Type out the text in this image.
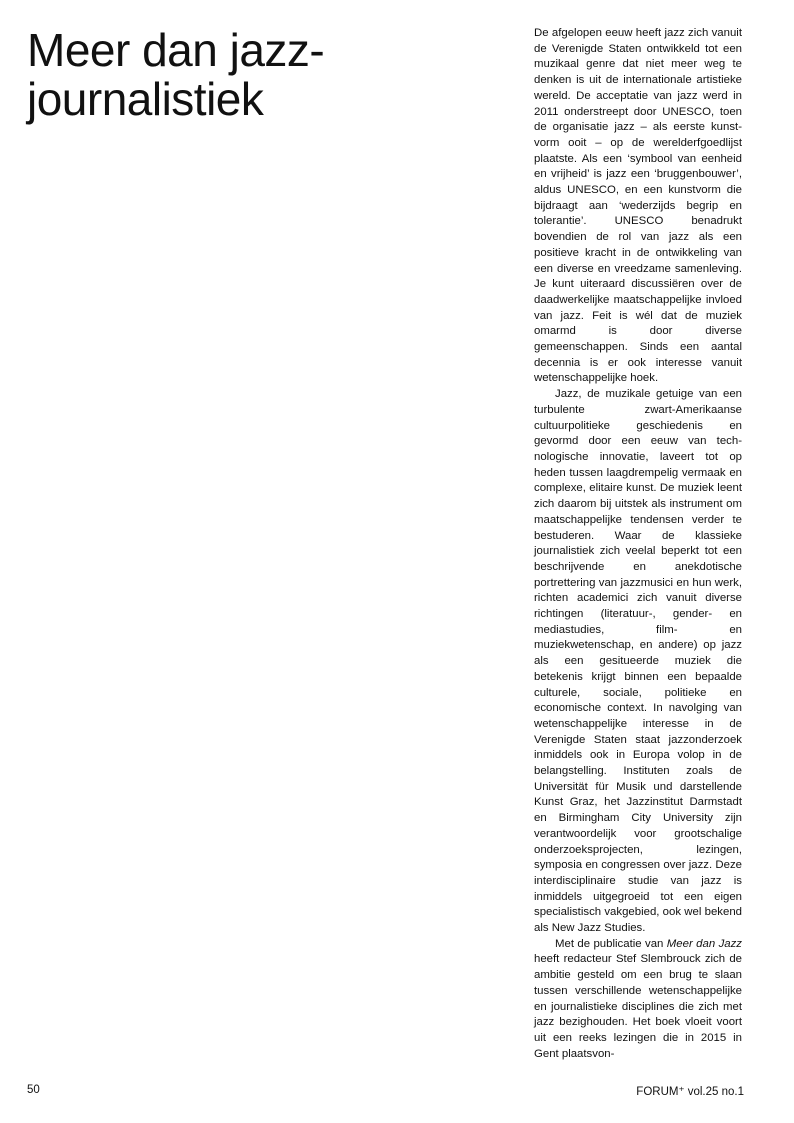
Meer dan jazz-journalistiek

De afgelopen eeuw heeft jazz zich vanuit de Verenigde Staten ontwikkeld tot een muzikaal genre dat niet meer weg te denken is uit de internationale artistieke wereld. De acceptatie van jazz werd in 2011 onderstreept door UNESCO, toen de organisatie jazz – als eerste kunstvorm ooit – op de werelderfgoedlijst plaatste. Als een ‘symbool van eenheid en vrijheid’ is jazz een ‘bruggenbouwer’, aldus UNESCO, en een kunstvorm die bijdraagt aan ‘wederzijds begrip en tolerantie’. UNESCO benadrukt bovendien de rol van jazz als een positieve kracht in de ontwikkeling van een diverse en vreedzame samenleving. Je kunt uiteraard discussiëren over de daadwerkelijke maatschappelijke invloed van jazz. Feit is wél dat de muziek omarmd is door diverse gemeenschappen. Sinds een aantal decennia is er ook interesse vanuit wetenschappelijke hoek.

Jazz, de muzikale getuige van een turbulente zwart-Amerikaanse cultuurpolitieke geschiedenis en gevormd door een eeuw van technologische innovatie, laveert tot op heden tussen laagdrempelig vermaak en complexe, elitaire kunst. De muziek leent zich daarom bij uitstek als instrument om maatschappelijke tendensen verder te bestuderen. Waar de klassieke journalistiek zich veelal beperkt tot een beschrijvende en anekdotische portrettering van jazzmusici en hun werk, richten academici zich vanuit diverse richtingen (literatuur-, gender- en mediastudies, film- en muziekwetenschap, en andere) op jazz als een gesitueerde muziek die betekenis krijgt binnen een bepaalde culturele, sociale, politieke en economische context. In navolging van wetenschappelijke interesse in de Verenigde Staten staat jazzonderzoek inmiddels ook in Europa volop in de belangstelling. Instituten zoals de Universität für Musik und darstellende Kunst Graz, het Jazzinstitut Darmstadt en Birmingham City University zijn verantwoordelijk voor grootschalige onderzoeksprojecten, lezingen, symposia en congressen over jazz. Deze interdisciplinaire studie van jazz is inmiddels uitgegroeid tot een eigen specialistisch vakgebied, ook wel bekend als New Jazz Studies.

Met de publicatie van Meer dan Jazz heeft redacteur Stef Slembrouck zich de ambitie gesteld om een brug te slaan tussen verschillende wetenschappelijke en journalistieke disciplines die zich met jazz bezighouden. Het boek vloeit voort uit een reeks lezingen die in 2015 in Gent plaatsvon-

50	FORUM⁺ vol.25 no.1
